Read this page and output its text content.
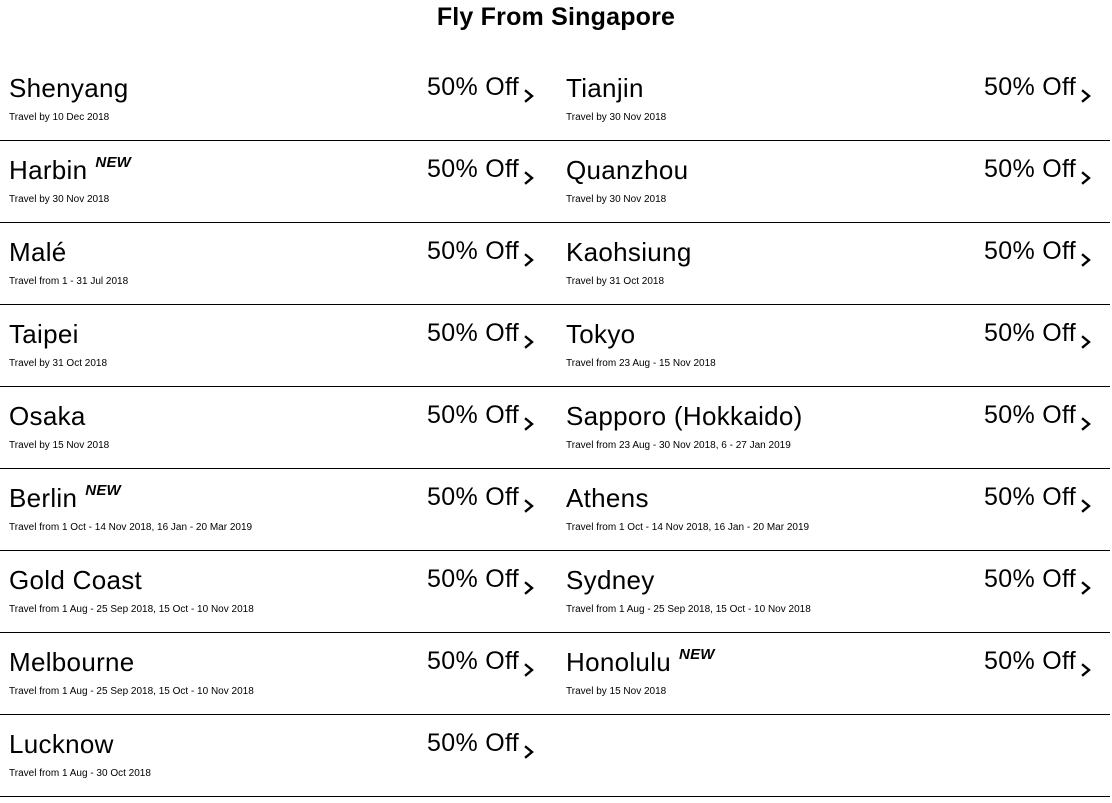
Fly From Singapore
Shenyang
Travel by 10 Dec 2018
50% Off Tianjin
Travel by 30 Nov 2018
50% Off
Harbin $^{NEW}$
Travel by 30 Nov 2018
50% Off Quanzhou
Travel by 30 Nov 2018
50% Off
Malé
Travel from 1 - 31 Jul 2018
50% Off Kaohsiung
Travel by 31 Oct 2018
50% Off
Taipei
Travel by 31 Oct 2018
50% Off Tokyo
Travel from 23 Aug - 15 Nov 2018
50% Off
Osaka
Travel by 15 Nov 2018
50% Off Sapporo (Hokkaido)
Travel from 23 Aug - 30 Nov 2018, 6 - 27 Jan 2019
50% Off
Berlin $^{NEW}$
Travel from 1 Oct - 14 Nov 2018, 16 Jan - 20 Mar 2019
50% Off Athens
Travel from 1 Oct - 14 Nov 2018, 16 Jan - 20 Mar 2019
50% Off
Gold Coast
Travel from 1 Aug - 25 Sep 2018, 15 Oct - 10 Nov 2018
50% Off Sydney
Travel from 1 Aug - 25 Sep 2018, 15 Oct - 10 Nov 2018
50% Off
Melbourne
Travel from 1 Aug - 25 Sep 2018, 15 Oct - 10 Nov 2018
50% Off Honolulu $^{NEW}$
Travel by 15 Nov 2018
50% Off
Lucknow
Travel from 1 Aug - 30 Oct 2018
50% Off
